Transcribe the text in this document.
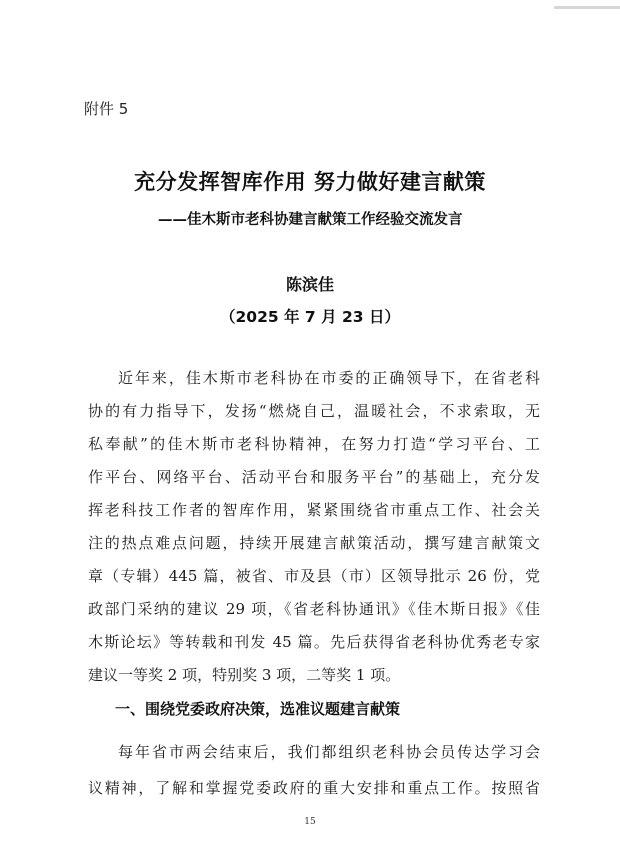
附件 5
充分发挥智库作用 努力做好建言献策
——佳木斯市老科协建言献策工作经验交流发言
陈滨佳
（2025 年 7 月 23 日）
近年来，佳木斯市老科协在市委的正确领导下，在省老科
协的有力指导下，发扬“燃烧自己，温暖社会，不求索取，无
私奉献”的佳木斯市老科协精神，在努力打造“学习平台、工
作平台、网络平台、活动平台和服务平台”的基础上，充分发
挥老科技工作者的智库作用，紧紧围绕省市重点工作、社会关
注的热点难点问题，持续开展建言献策活动，撰写建言献策文
章（专辑）445 篇，被省、市及县（市）区领导批示 26 份，党
政部门采纳的建议 29 项，《省老科协通讯》《佳木斯日报》《佳
木斯论坛》等转载和刊发 45 篇。先后获得省老科协优秀老专家
建议一等奖 2 项，特别奖 3 项，二等奖 1 项。
一、围绕党委政府决策，选准议题建言献策
每年省市两会结束后，我们都组织老科协会员传达学习会
议精神，了解和掌握党委政府的重大安排和重点工作。按照省
15
